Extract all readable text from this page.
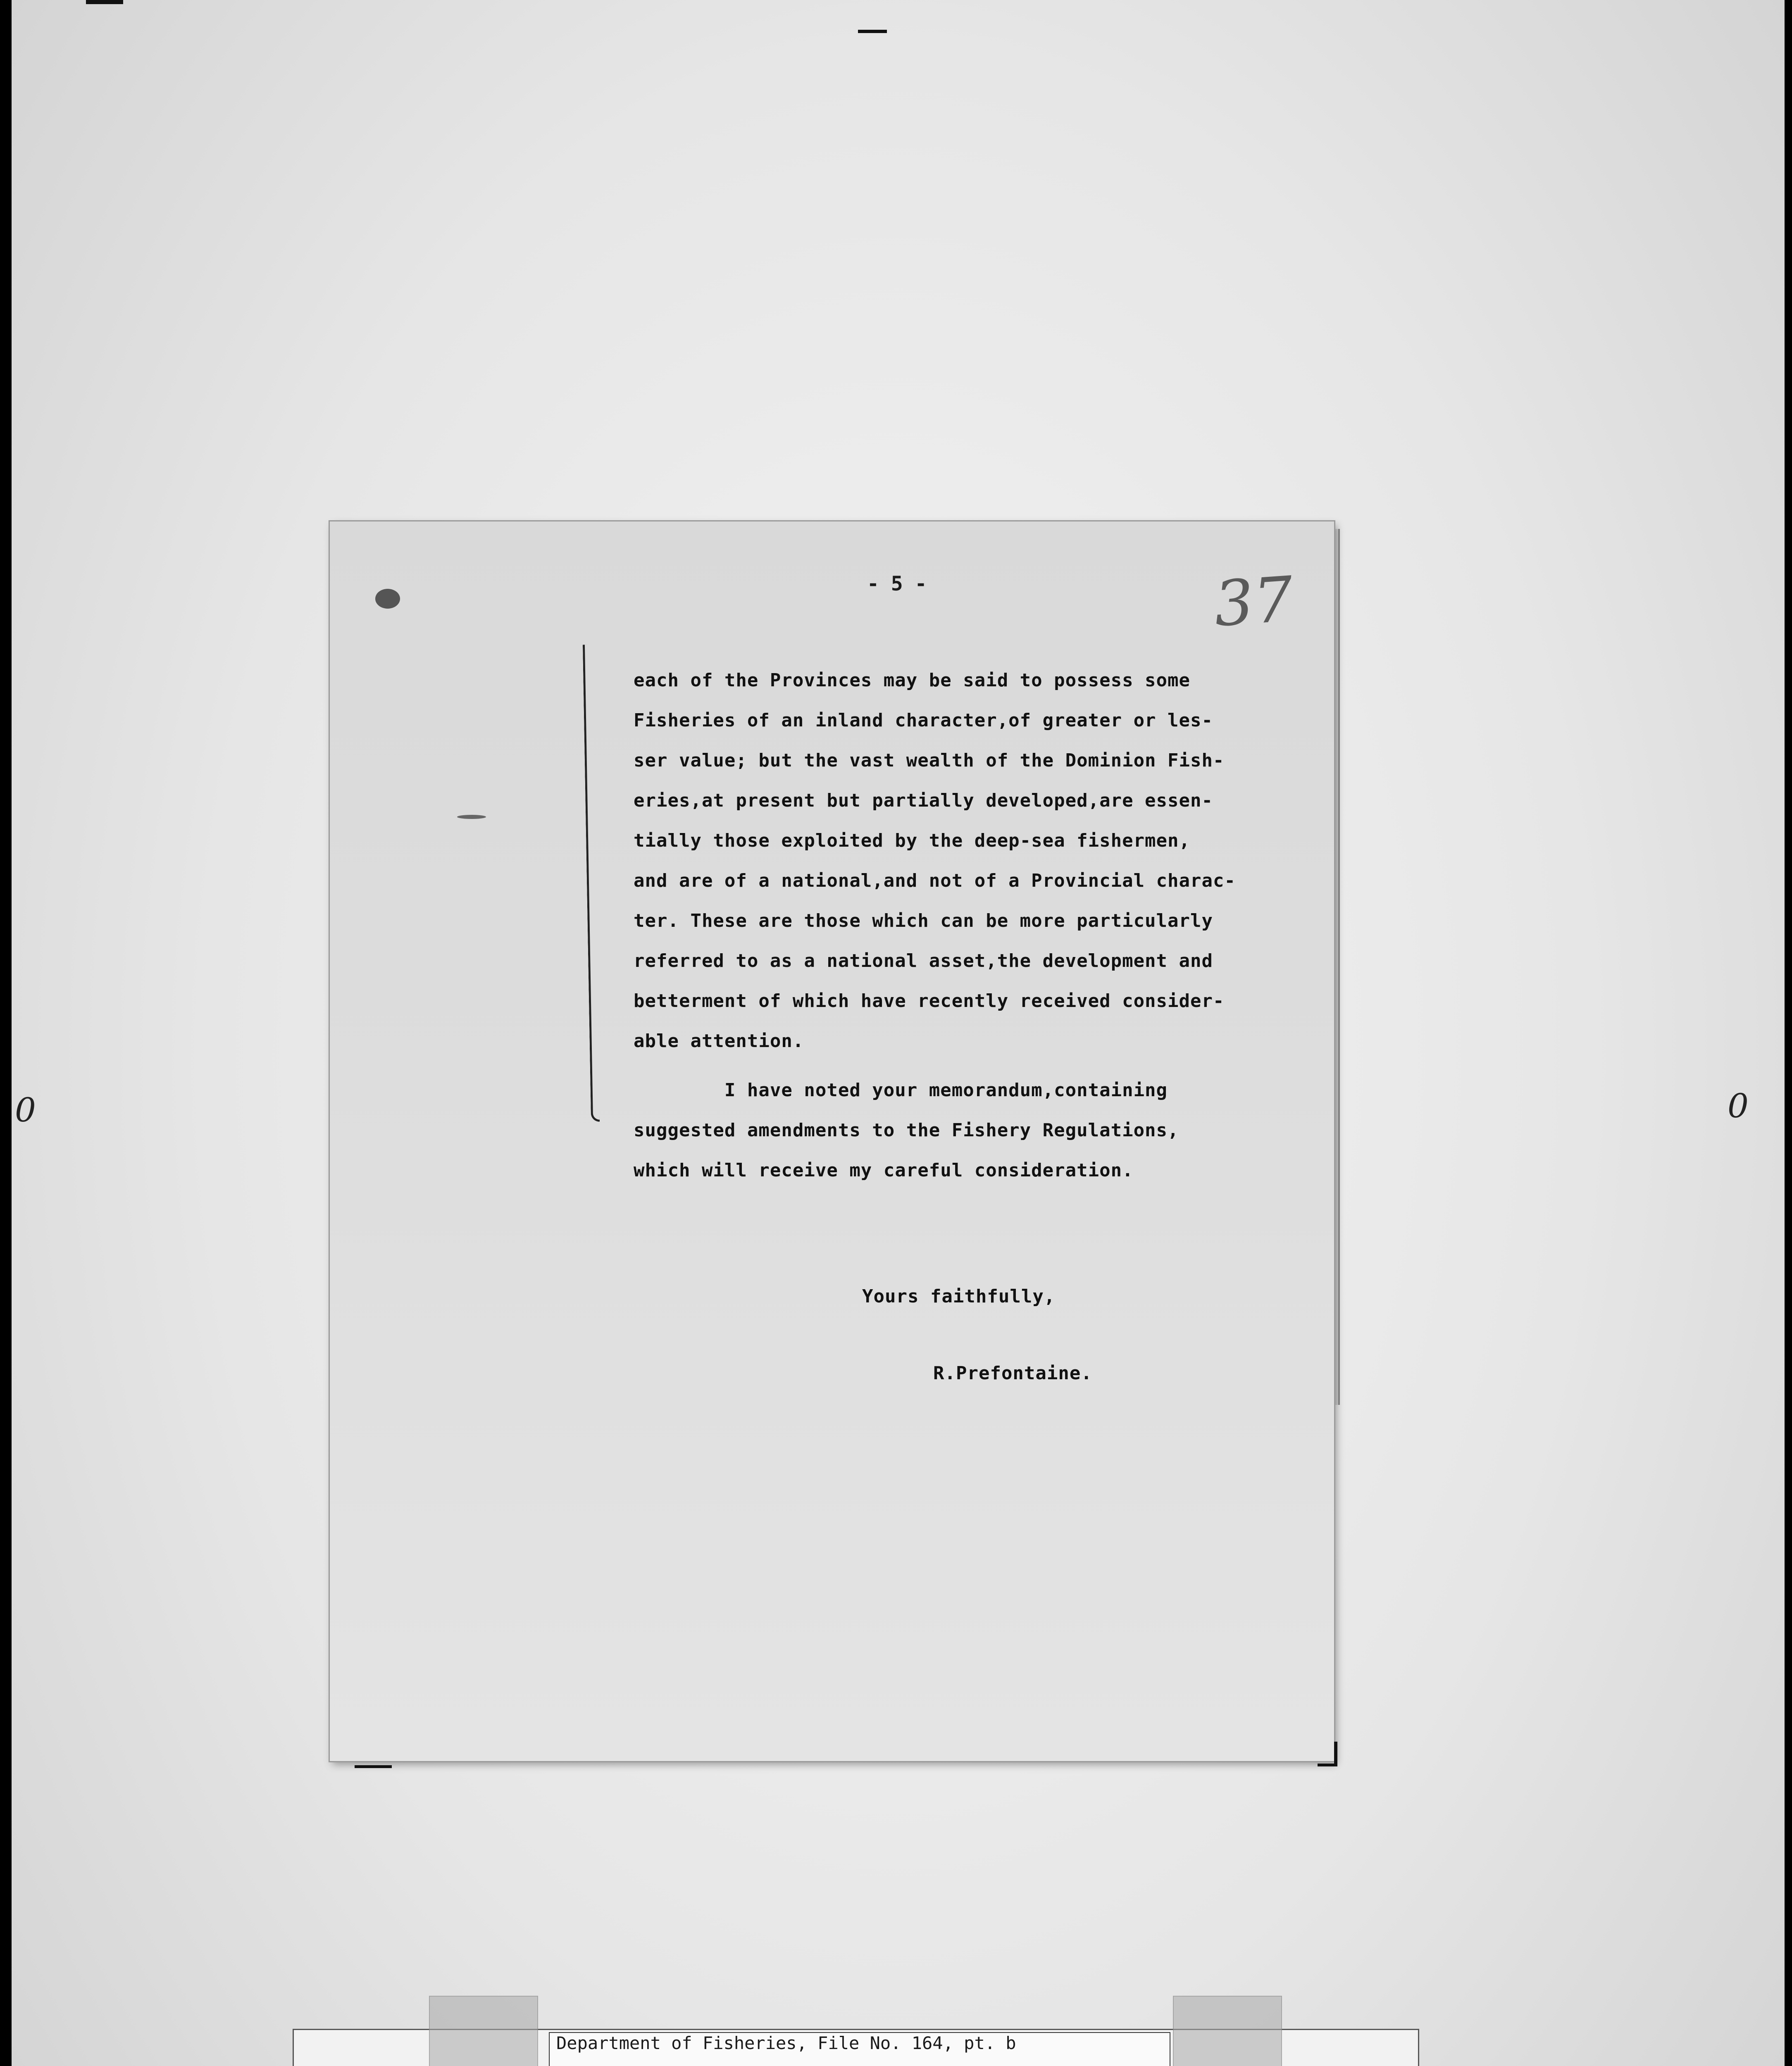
0	0
- 5 -	37

each of the Provinces may be said to possess some

Fisheries of an inland character,of greater or les-

ser value; but the vast wealth of the Dominion Fish-

eries,at present but partially developed,are essen-

tially those exploited by the deep-sea fishermen,

and are of a national,and not of a Provincial charac-

ter. These are those which can be more particularly

referred to as a national asset,the development and

betterment of which have recently received consider-

able attention.

I have noted your memorandum,containing

suggested amendments to the Fishery Regulations,

which will receive my careful consideration.

Yours faithfully,

R.Prefontaine.

Department of Fisheries, File No. 164, pt. b
